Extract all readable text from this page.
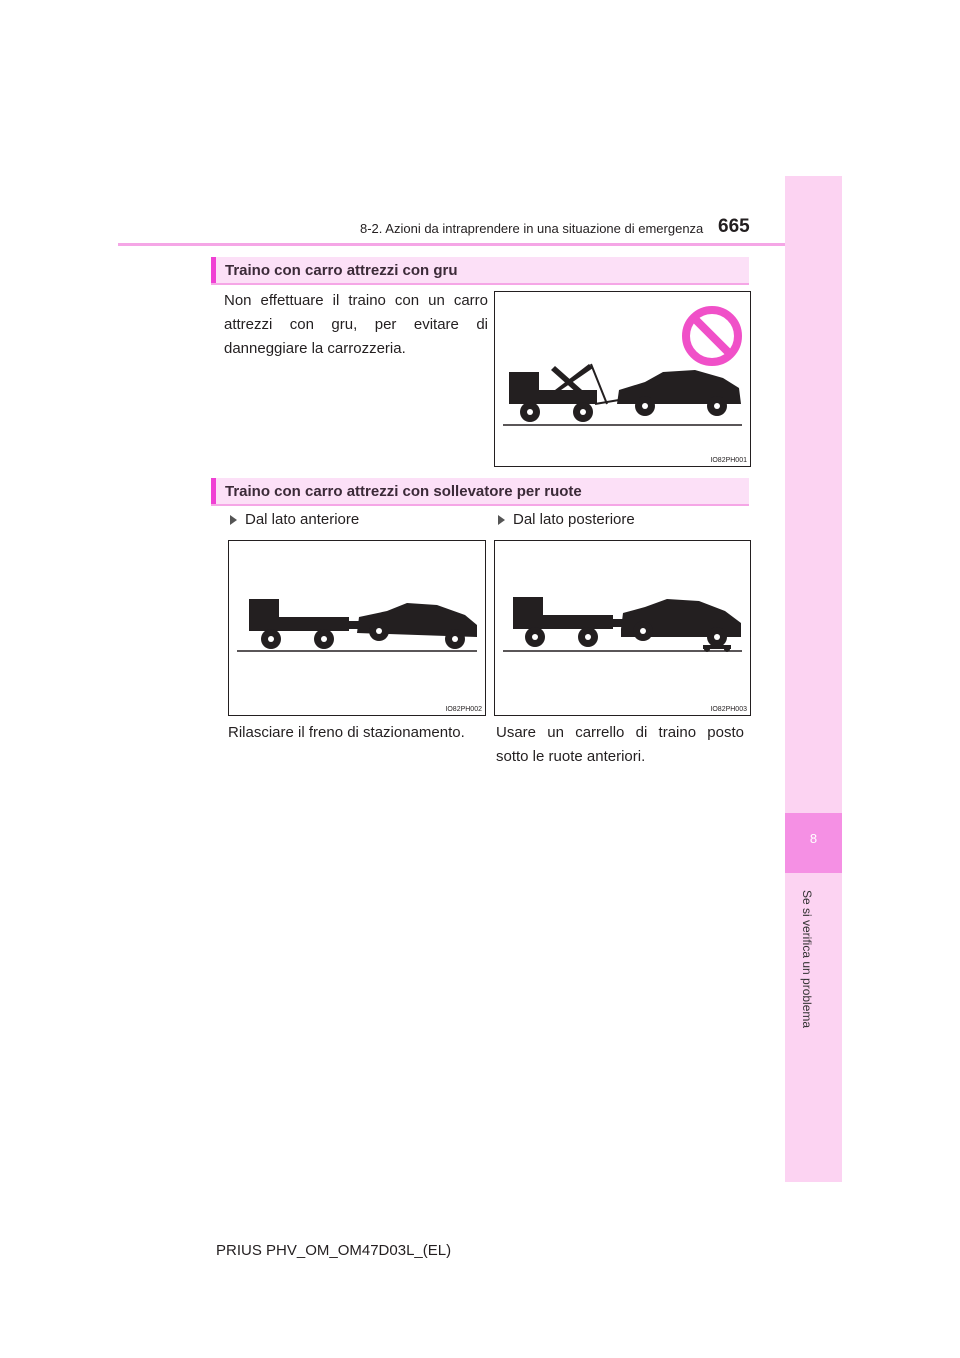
8-2. Azioni da intraprendere in una situazione di emergenza 665
8
Se si verifica un problema
Traino con carro attrezzi con gru
Non effettuare il traino con un carro attrezzi con gru, per evitare di danneggiare la carrozzeria.
IO82PH001
Traino con carro attrezzi con sollevatore per ruote
Dal lato anteriore	Dal lato posteriore
IO82PH002	IO82PH003
Rilasciare il freno di stazionamento.	Usare un carrello di traino posto sotto le ruote anteriori.
PRIUS PHV_OM_OM47D03L_(EL)
